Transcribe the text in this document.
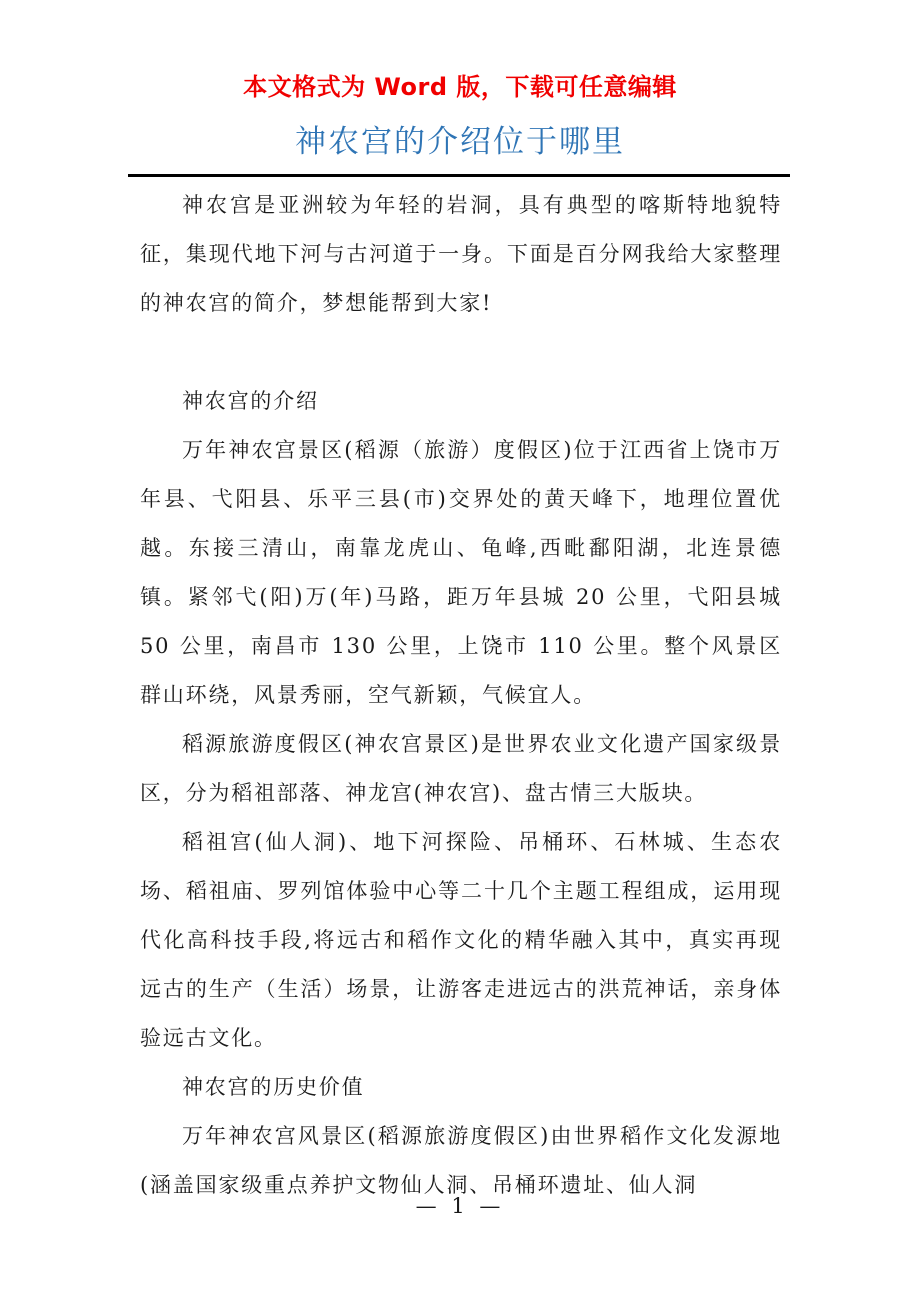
本文格式为 Word 版，下载可任意编辑
神农宫的介绍位于哪里

神农宫是亚洲较为年轻的岩洞，具有典型的喀斯特地貌特征，集现代地下河与古河道于一身。下面是百分网我给大家整理的神农宫的简介，梦想能帮到大家!

神农宫的介绍

万年神农宫景区(稻源（旅游）度假区)位于江西省上饶市万年县、弋阳县、乐平三县(市)交界处的黄天峰下，地理位置优越。东接三清山，南靠龙虎山、龟峰,西毗鄱阳湖，北连景德镇。紧邻弋(阳)万(年)马路，距万年县城 20 公里，弋阳县城 50 公里，南昌市 130 公里，上饶市 110 公里。整个风景区群山环绕，风景秀丽，空气新颖，气候宜人。

稻源旅游度假区(神农宫景区)是世界农业文化遗产国家级景区，分为稻祖部落、神龙宫(神农宫)、盘古情三大版块。

稻祖宫(仙人洞)、地下河探险、吊桶环、石林城、生态农场、稻祖庙、罗列馆体验中心等二十几个主题工程组成，运用现代化高科技手段,将远古和稻作文化的精华融入其中，真实再现远古的生产（生活）场景，让游客走进远古的洪荒神话，亲身体验远古文化。

神农宫的历史价值

万年神农宫风景区(稻源旅游度假区)由世界稻作文化发源地(涵盖国家级重点养护文物仙人洞、吊桶环遗址、仙人洞

— 1 —
